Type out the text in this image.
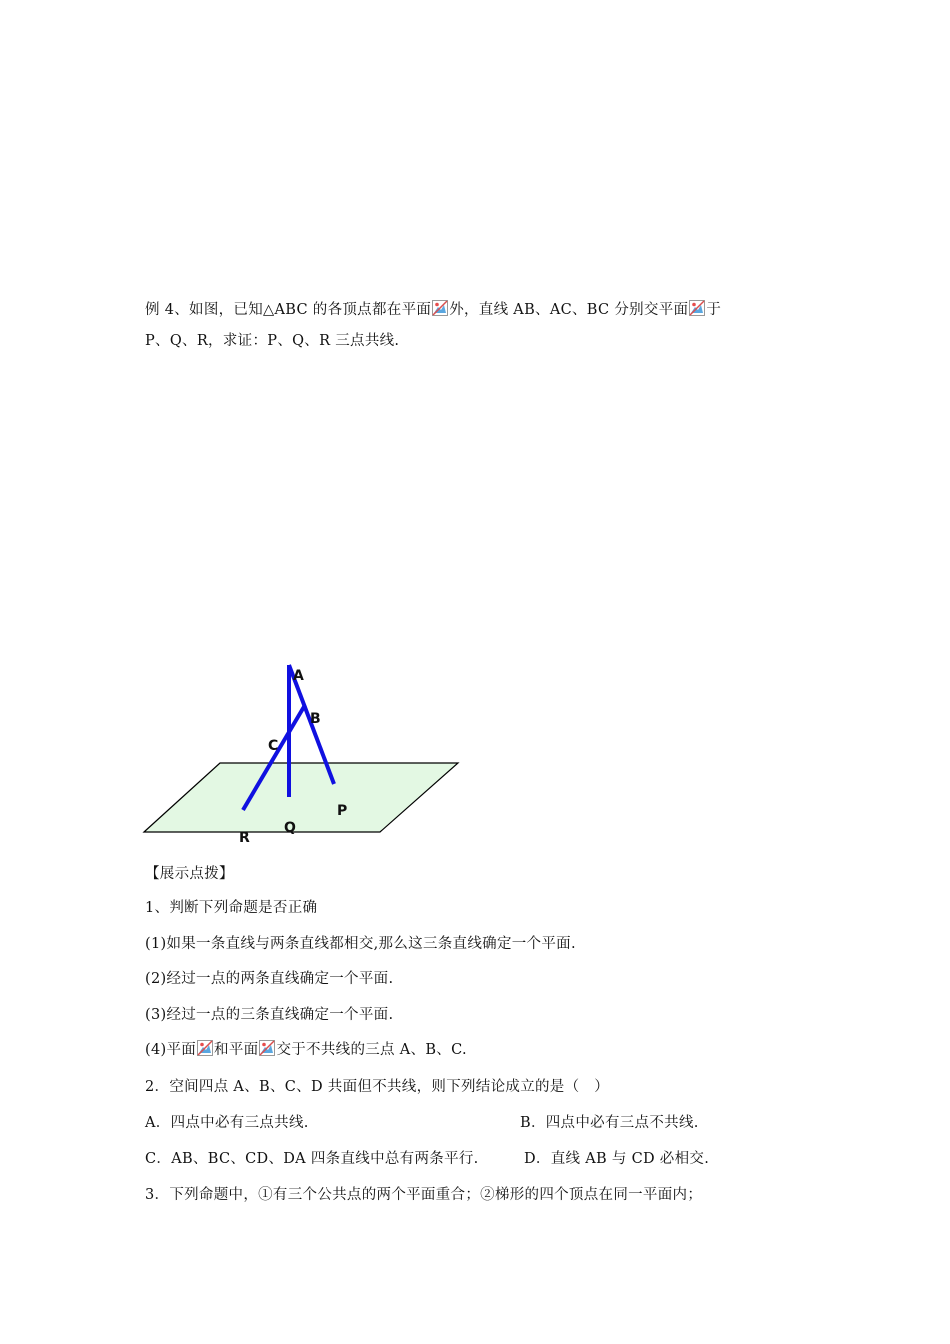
例 4、如图，已知△ABC 的各顶点都在平面 外，直线 AB、AC、BC 分别交平面 于
P、Q、R，求证：P、Q、R 三点共线.
A
B
C
P
Q
R
【展示点拨】
1、判断下列命题是否正确
(1)如果一条直线与两条直线都相交,那么这三条直线确定一个平面.
(2)经过一点的两条直线确定一个平面.
(3)经过一点的三条直线确定一个平面.
(4)平面 和平面 交于不共线的三点 A、B、C.
2．空间四点 A、B、C、D 共面但不共线，则下列结论成立的是（　）
A．四点中必有三点共线.	B．四点中必有三点不共线.
C．AB、BC、CD、DA 四条直线中总有两条平行.	D．直线 AB 与 CD 必相交.
3．下列命题中，①有三个公共点的两个平面重合；②梯形的四个顶点在同一平面内；
